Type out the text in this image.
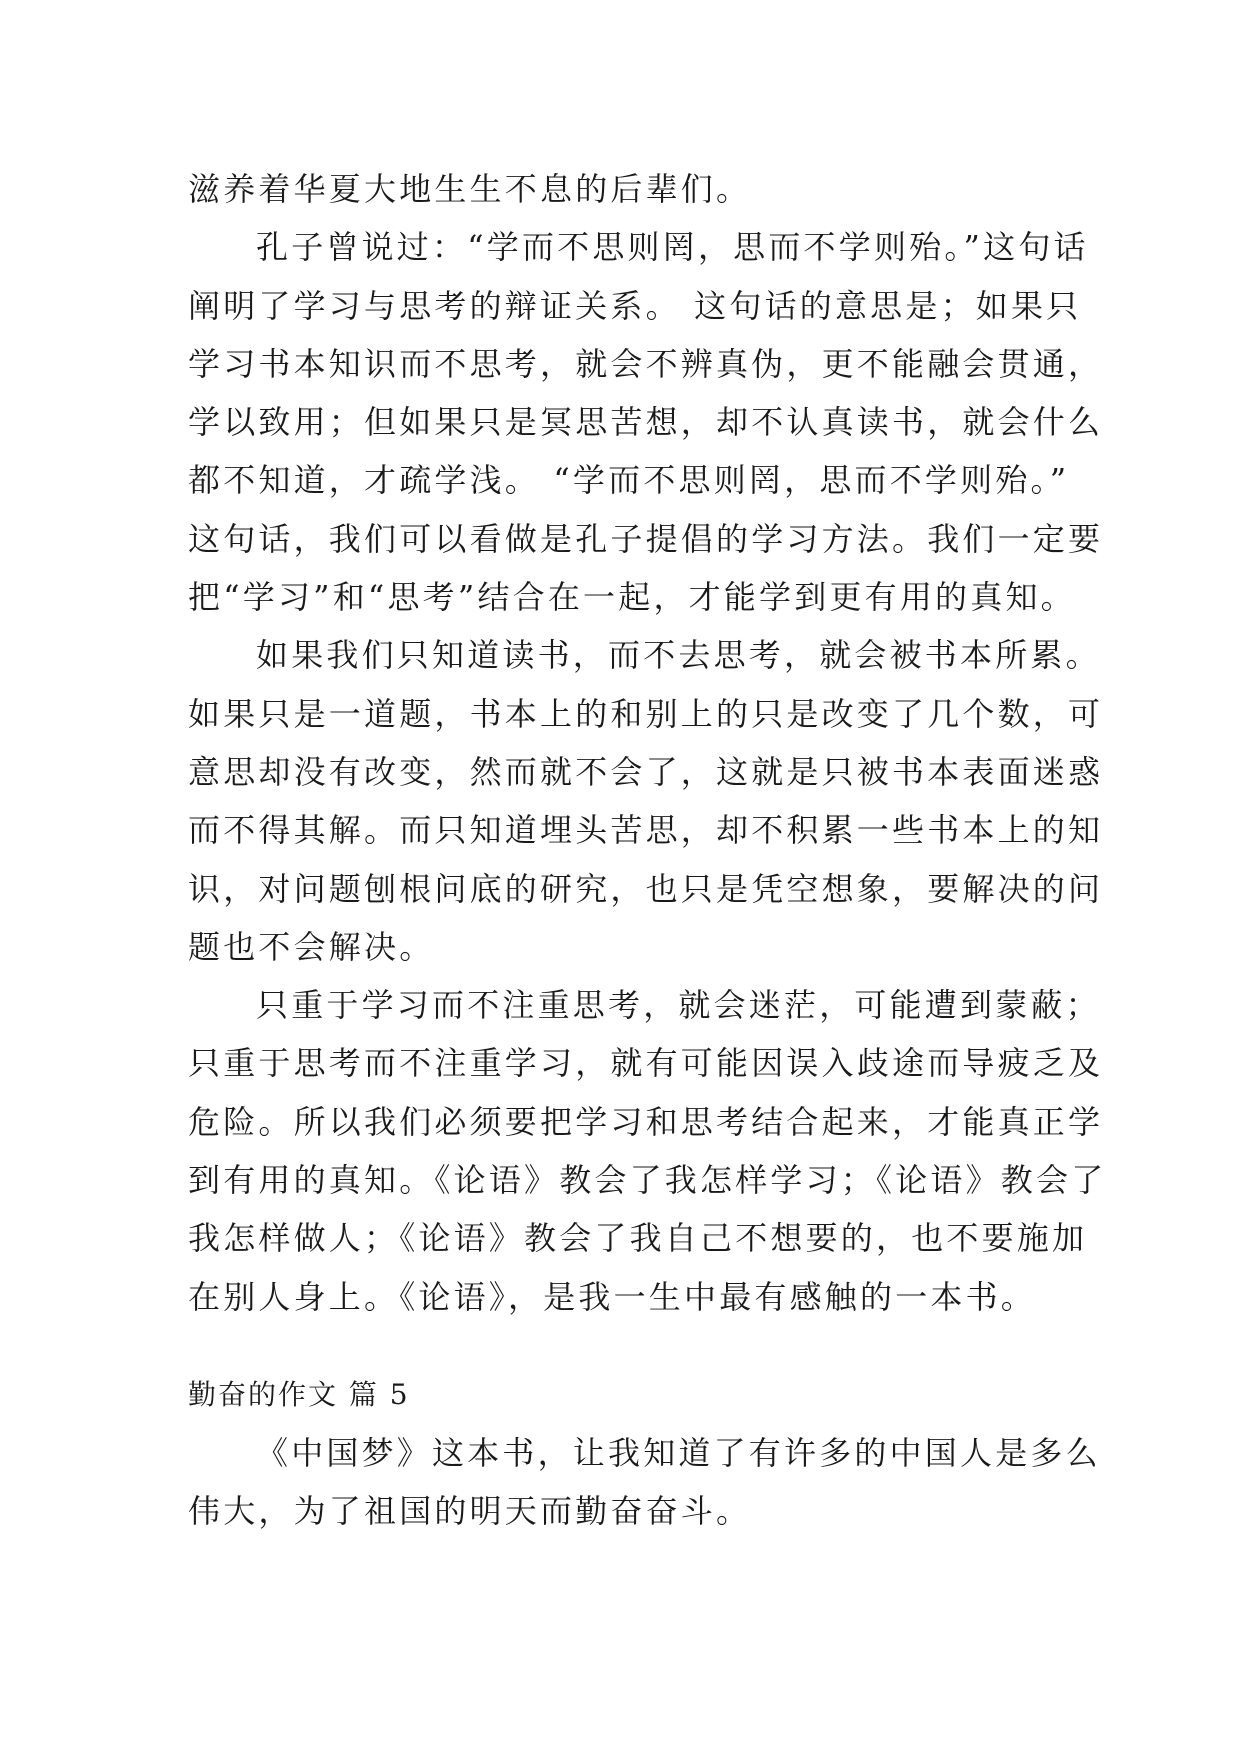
滋养着华夏大地生生不息的后辈们。
孔子曾说过：“学而不思则罔，思而不学则殆。”这句话
阐明了学习与思考的辩证关系。 这句话的意思是；如果只
学习书本知识而不思考，就会不辨真伪，更不能融会贯通，
学以致用；但如果只是冥思苦想，却不认真读书，就会什么
都不知道，才疏学浅。 “学而不思则罔，思而不学则殆。”
这句话，我们可以看做是孔子提倡的学习方法。我们一定要
把“学习”和“思考”结合在一起，才能学到更有用的真知。
如果我们只知道读书，而不去思考，就会被书本所累。
如果只是一道题，书本上的和别上的只是改变了几个数，可
意思却没有改变，然而就不会了，这就是只被书本表面迷惑
而不得其解。而只知道埋头苦思，却不积累一些书本上的知
识，对问题刨根问底的研究，也只是凭空想象，要解决的问
题也不会解决。
只重于学习而不注重思考，就会迷茫，可能遭到蒙蔽；
只重于思考而不注重学习，就有可能因误入歧途而导疲乏及
危险。所以我们必须要把学习和思考结合起来，才能真正学
到有用的真知。《论语》教会了我怎样学习；《论语》教会了
我怎样做人；《论语》教会了我自己不想要的，也不要施加
在别人身上。《论语》，是我一生中最有感触的一本书。
勤奋的作文 篇 5
《中国梦》这本书，让我知道了有许多的中国人是多么
伟大，为了祖国的明天而勤奋奋斗。
